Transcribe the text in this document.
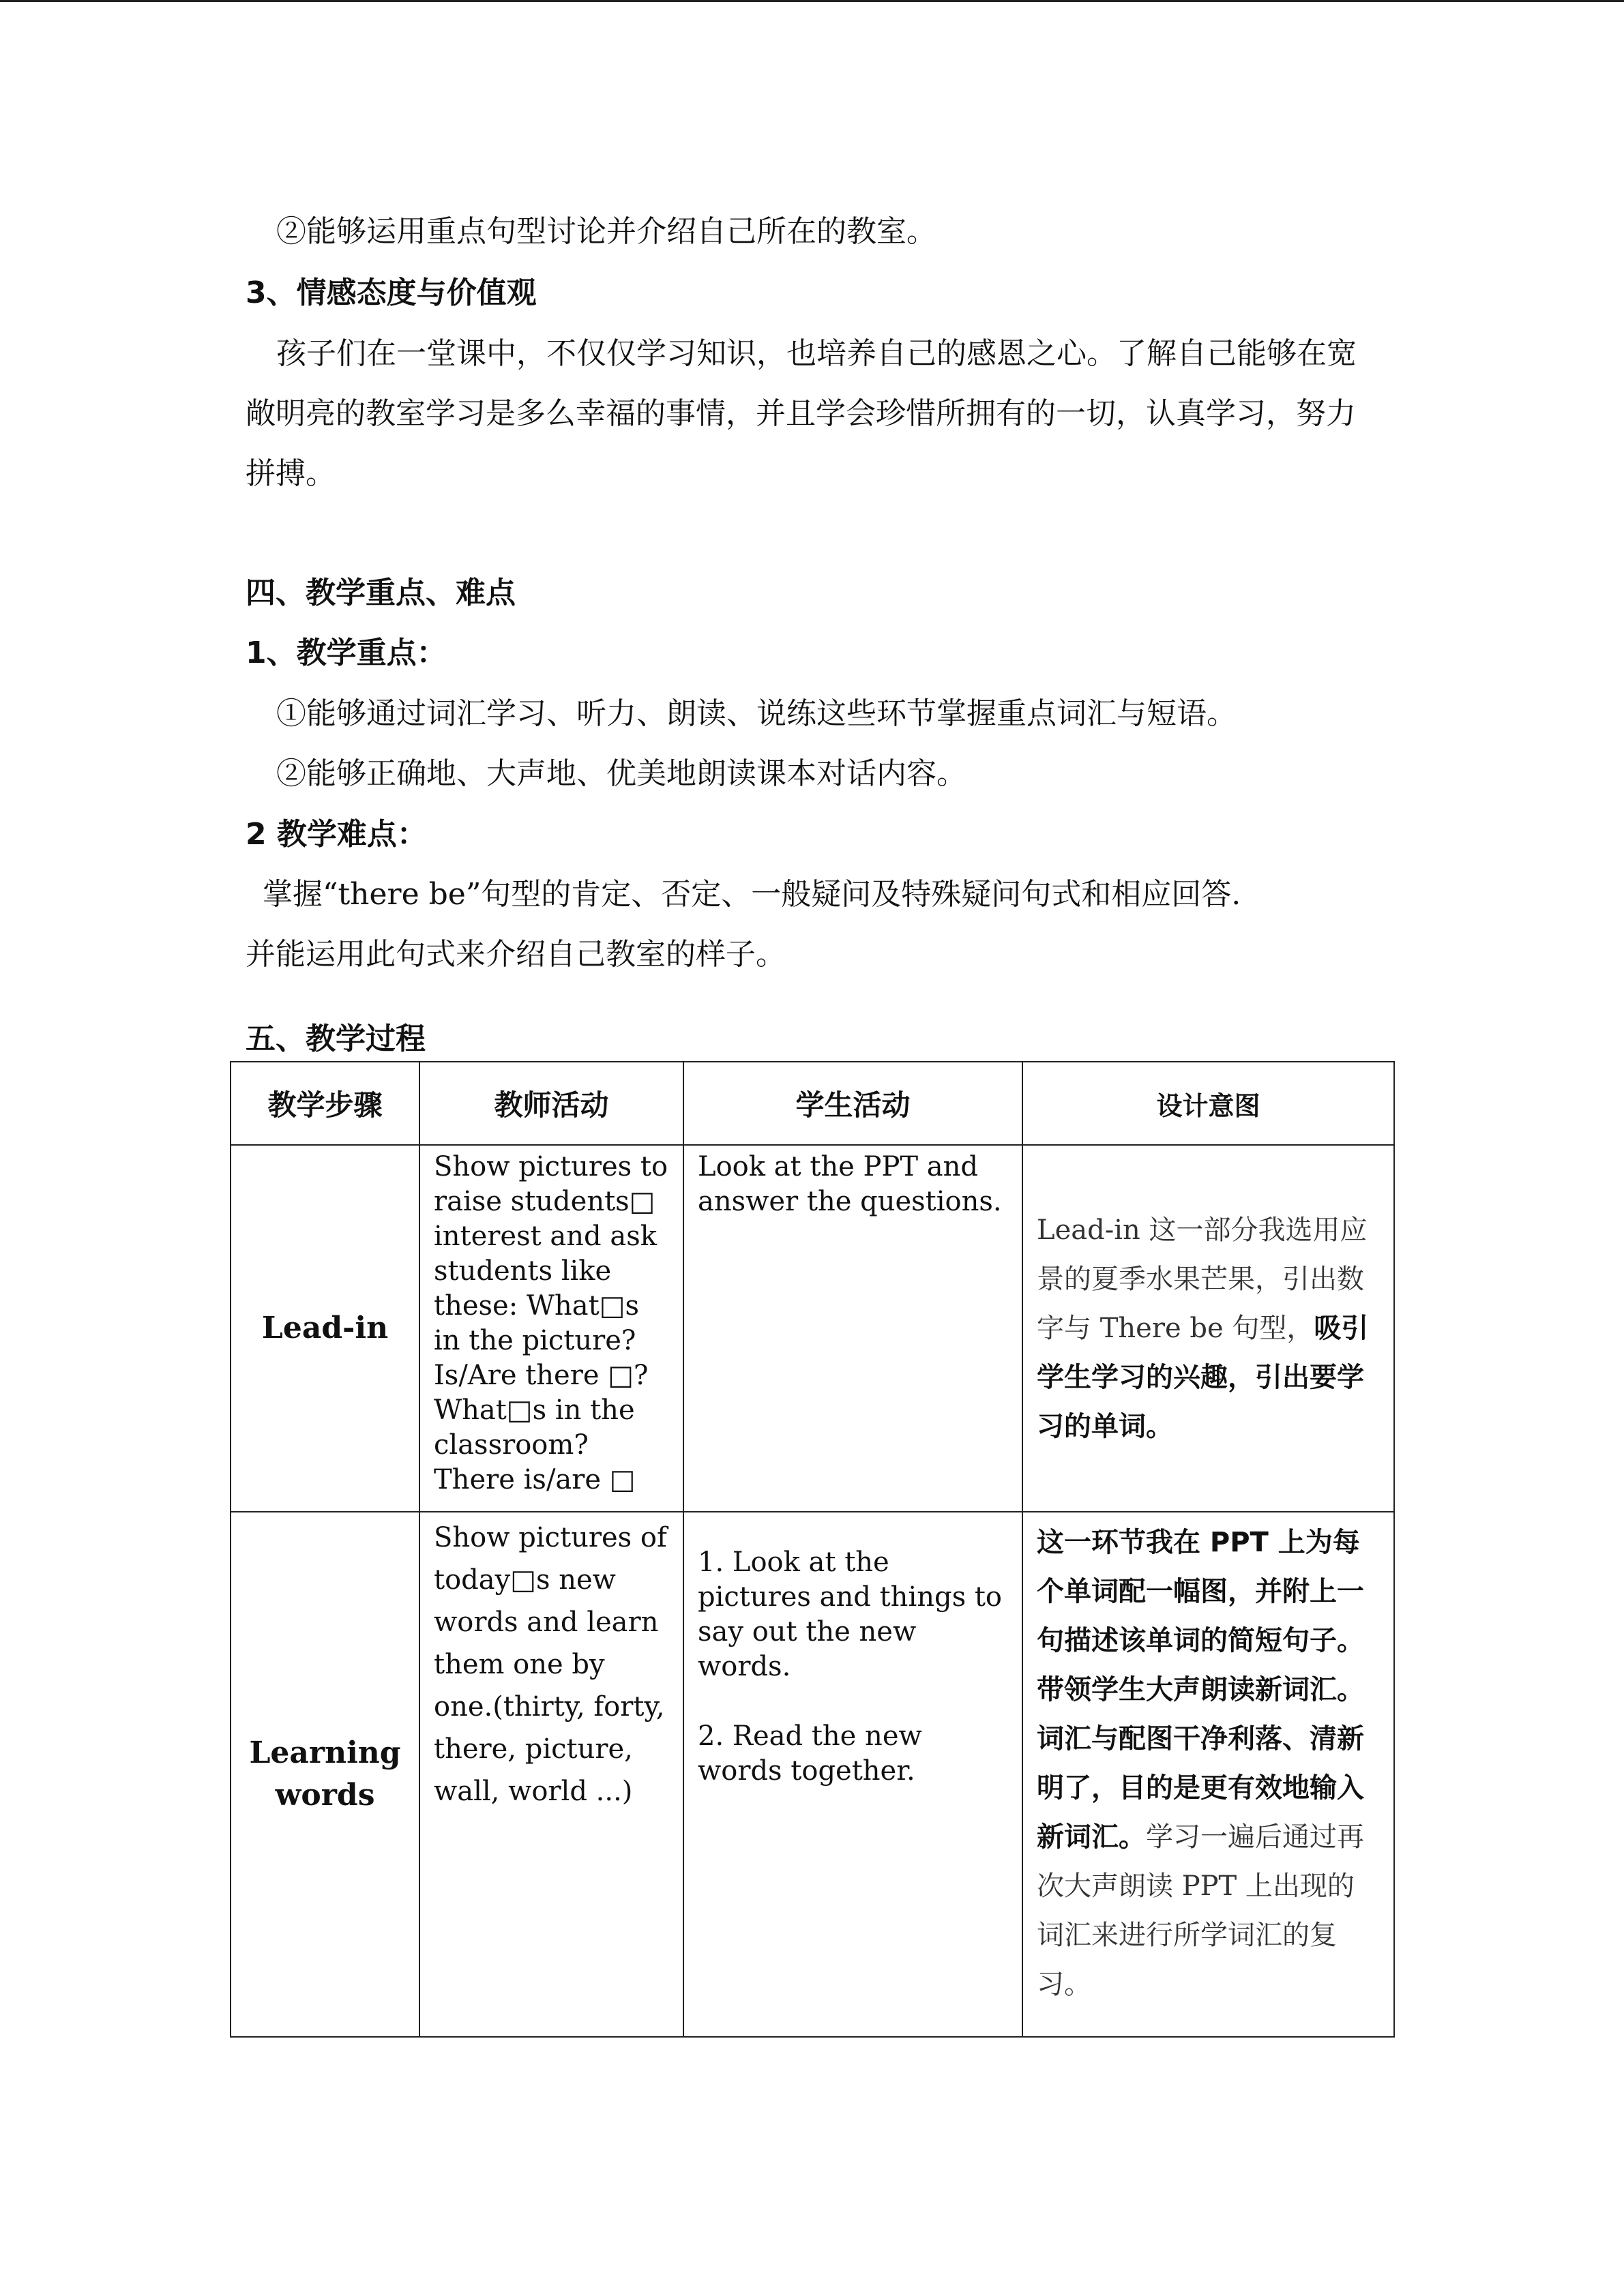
②能够运用重点句型讨论并介绍自己所在的教室。
3、情感态度与价值观
孩子们在一堂课中，不仅仅学习知识，也培养自己的感恩之心。了解自己能够在宽敞明亮的教室学习是多么幸福的事情，并且学会珍惜所拥有的一切，认真学习，努力拼搏。
四、教学重点、难点
1、教学重点：
①能够通过词汇学习、听力、朗读、说练这些环节掌握重点词汇与短语。
②能够正确地、大声地、优美地朗读课本对话内容。
2 教学难点：
掌握“there be”句型的肯定、否定、一般疑问及特殊疑问句式和相应回答.
并能运用此句式来介绍自己教室的样子。
五、教学过程
教学步骤	教师活动	学生活动	设计意图
Lead-in	Show pictures to raise students□ interest and ask students like these: What□s in the picture? Is/Are there □? What□s in the classroom? There is/are □	Look at the PPT and answer the questions.	Lead-in 这一部分我选用应景的夏季水果芒果，引出数字与 There be 句型，吸引学生学习的兴趣，引出要学习的单词。

Learning
words	Show pictures of today□s new words and learn them one by one.(thirty, forty, there, picture, wall, world ...)	1. Look at the pictures and things to say out the new words.
2. Read the new words together.	这一环节我在 PPT 上为每个单词配一幅图，并附上一句描述该单词的简短句子。带领学生大声朗读新词汇。词汇与配图干净利落、清新明了，目的是更有效地输入新词汇。学习一遍后通过再次大声朗读 PPT 上出现的词汇来进行所学词汇的复习。
